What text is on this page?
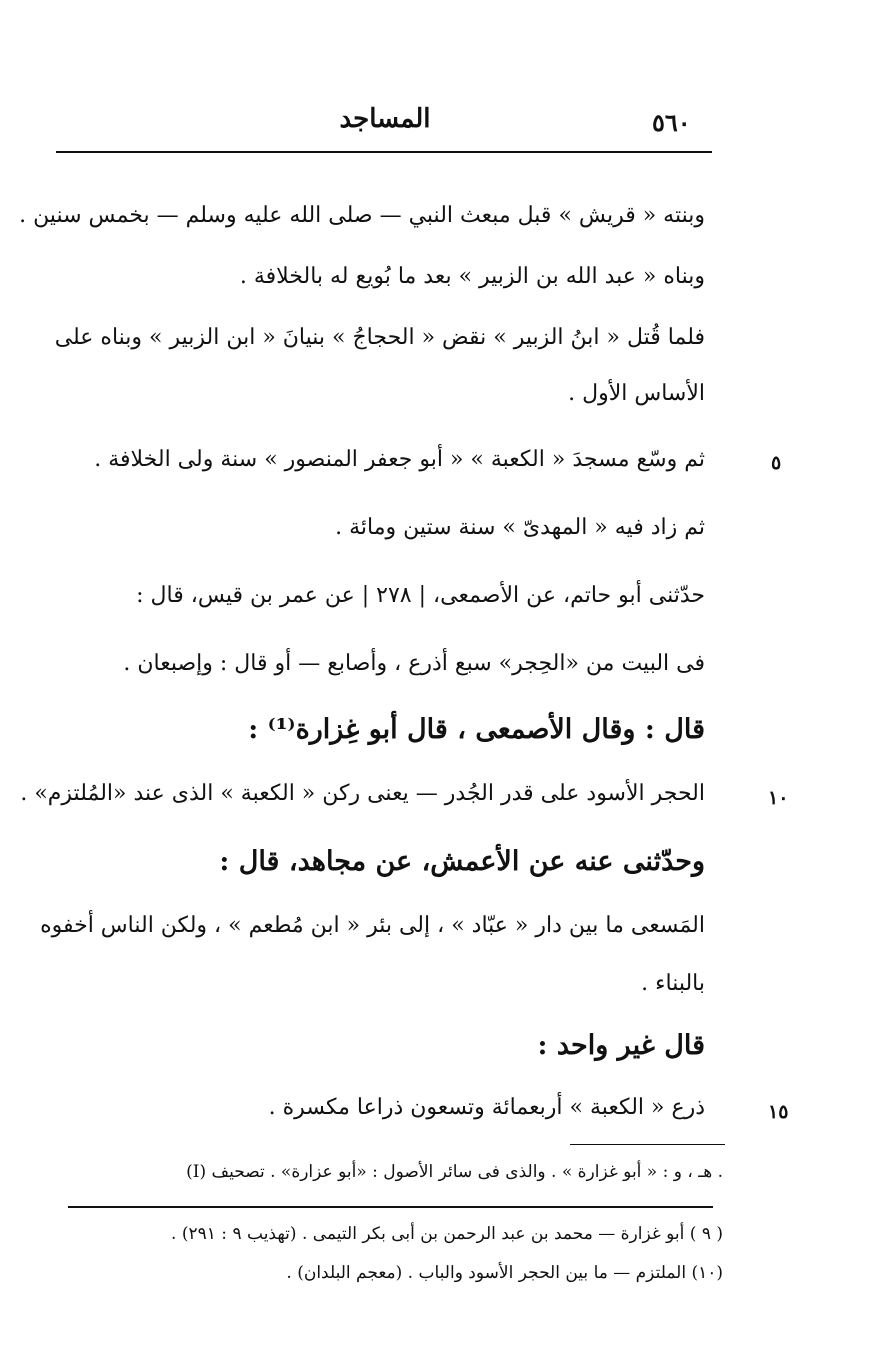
٥٦٠
المساجد
وبنته « قريش » قبل مبعث النبي — صلى الله عليه وسلم — بخمس سنين .
وبناه « عبد الله بن الزبير » بعد ما بُويع له بالخلافة .
فلما قُتل « ابنُ الزبير » نقض « الحجاجُ » بنيانَ « ابن الزبير » وبناه على
الأساس الأول .
ثم وسّع مسجدَ « الكعبة » « أبو جعفر المنصور » سنة ولى الخلافة .
ثم زاد فيه « المهدىّ » سنة ستين ومائة .
حدّثنى أبو حاتم، عن الأصمعى، | ٢٧٨ | عن عمر بن قيس، قال :
فى البيت من «الحِجر» سبع أذرع ، وأصابع — أو قال : وإصبعان .
قال : وقال الأصمعى ، قال أبو غِزارة⁽¹⁾ :
الحجر الأسود على قدر الجُدر — يعنى ركن « الكعبة » الذى عند «المُلتزم» .
وحدّثنى عنه عن الأعمش، عن مجاهد، قال :
المَسعى ما بين دار « عبّاد » ، إلى بئر « ابن مُطعم » ، ولكن الناس أخفوه
بالبناء .
قال غير واحد :
ذرع « الكعبة » أربعمائة وتسعون ذراعا مكسرة .
٥
١٠
١٥
(I) هـ ، و : « أبو غزارة » . والذى فى سائر الأصول : «أبو عزارة» . تصحيف .
( ٩ ) أبو غزارة — محمد بن عبد الرحمن بن أبى بكر التيمى . (تهذيب ٩ : ٢٩١) .
(١٠) الملتزم — ما بين الحجر الأسود والباب . (معجم البلدان) .
